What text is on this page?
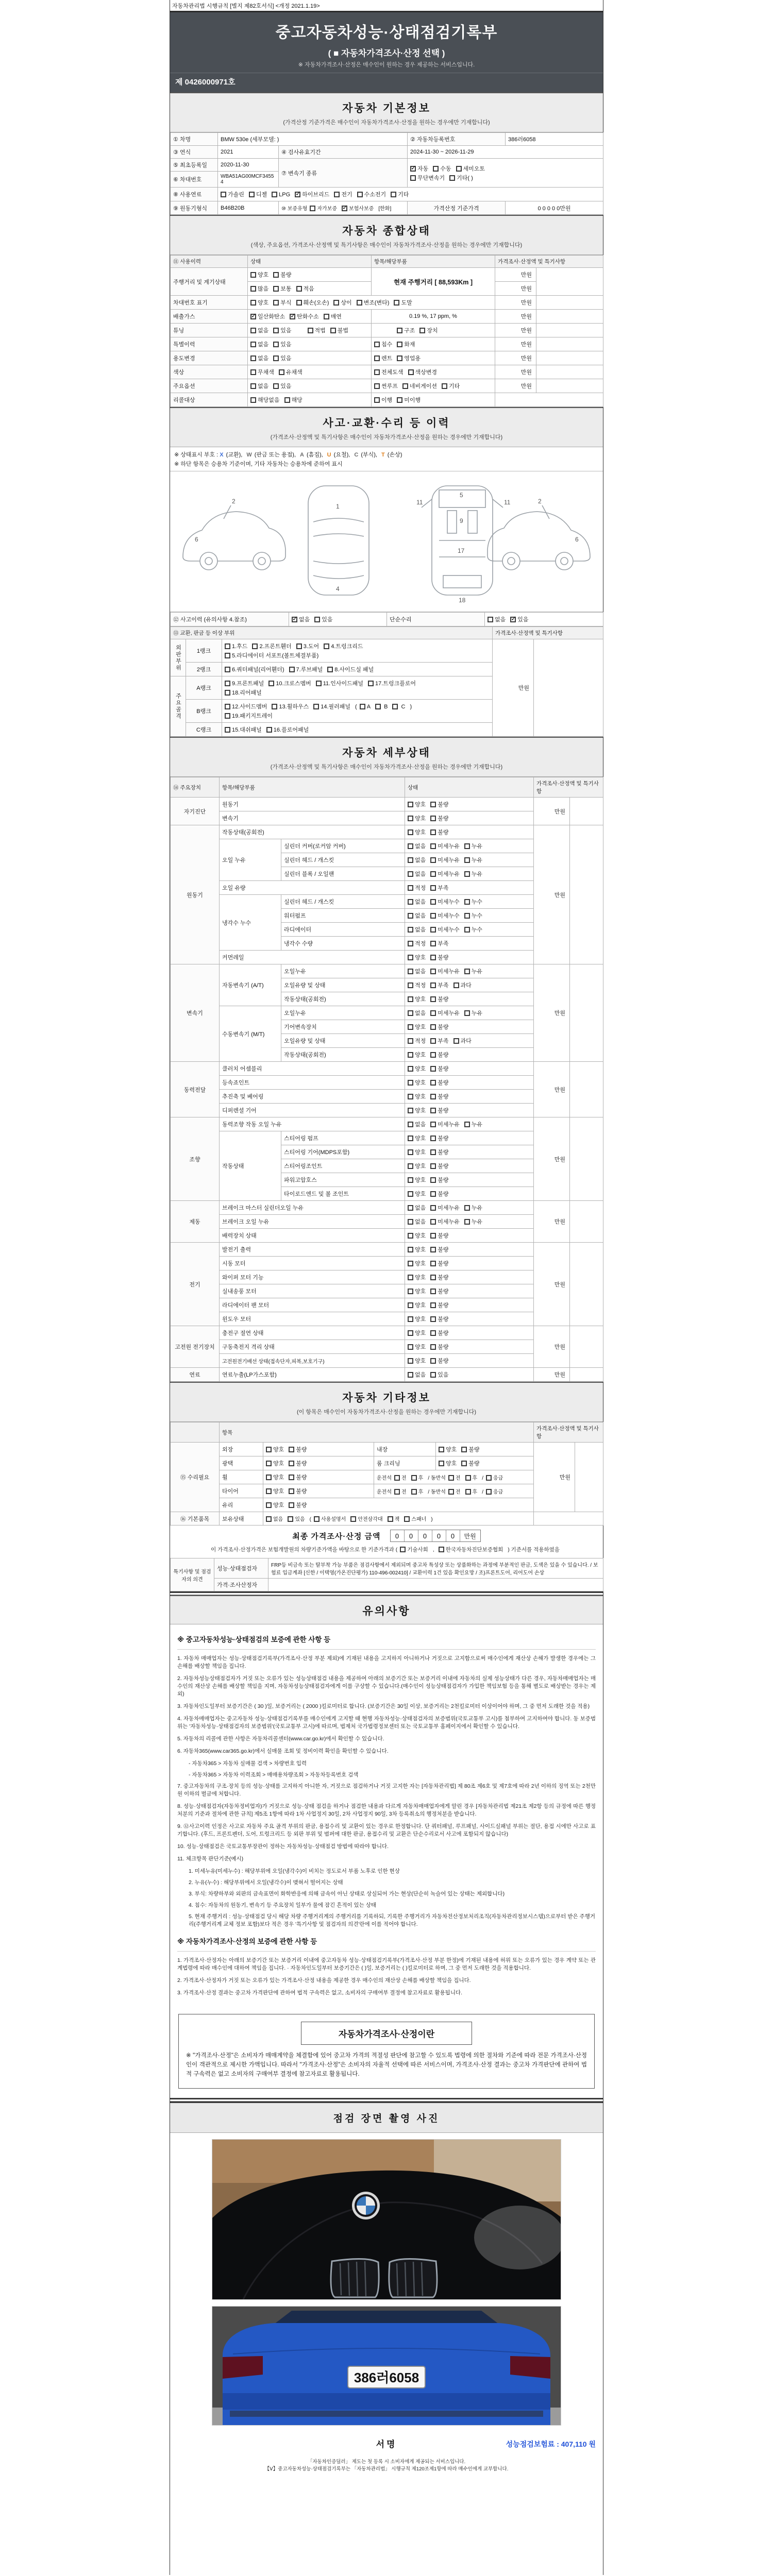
자동차관리법 시행규칙 [별지 제82호서식] <개정 2021.1.19>
중고자동차성능·상태점검기록부
( ■ 자동차가격조사·산정 선택 )
※ 자동차가격조사·산정은 매수인이 원하는 경우 제공하는 서비스입니다.
제 0426000971호
자동차 기본정보

(가격산정 기준가격은 매수인이 자동차가격조사·산정을 원하는 경우에만 기재합니다)

① 차명	BMW 530e (세부모델: )		② 자동차등록번호	386러6058
③ 연식	2021	④ 검사유효기간	2024-11-30 ~ 2026-11-29	
⑤ 최초등록일	2020-11-30	⑦ 변속기 종류	✓자동 수동 세미오토
무단변속기 기타( )
⑥ 차대번호	WBA51AG00MCF34554			
⑧ 사용연료	가솔린 디젤 LPG ✓ 하이브리드 전기 수소전기 기타
⑨ 원동기형식	B46B20B	⑩ 보증유형 자가보증 ✓ 보험사보증 [한화]	가격산정 기준가격	0 0 0 0 0만원
자동차 종합상태

(색상, 주요옵션, 가격조사·산정액 및 특기사항은 매수인이 자동차가격조사·산정을 원하는 경우에만 기재합니다)

⑪ 사용이력	상태	항목/해당부품	가격조사·산정액 및 특기사항	
주행거리 및 계기상태	양호 불량	현재 주행거리 [ 88,593Km ]	만원	
	많음 보통 적음		만원	
차대번호 표기	양호 부식 훼손(오손) 상이 변조(변타) 도말		만원	
배출가스	✓일산화탄소 ✓ 탄화수소 매연	0.19 %, 17 ppm, %	만원	
튜닝	없음 있음 적법 불법	구조 장치	만원	
특별이력	없음 있음	침수 화재	만원	
용도변경	없음 있음	렌트 영업용	만원	
색상	무채색 유채색	전체도색 색상변경	만원	
주요옵션	없음 있음	썬루프 네비게이션 기타	만원	
리콜대상	해당없음 해당	이행 미이행		
사고·교환·수리 등 이력

(가격조사·산정액 및 특기사항은 매수인이 자동차가격조사·산정을 원하는 경우에만 기재합니다)

※ 상태표시 부호 : X (교환), W (판금 또는 용접), A (흠집), U (요철), C (부식), T (손상)
※ 하단 항목은 승용차 기준이며, 기타 자동차는 승용차에 준하여 표시
2
6
1
4
5
9
11	11
17
18
2
6
⑫ 사고이력 (유의사항 4.참조)	✓없음 있음	단순수리	없음 ✓ 있음
⑬ 교환, 판금 등 이상 부위			가격조사·산정액 및 특기사항	
외판부위	1랭크	1.후드 2.프론트휀더 3.도어 4.트렁크리드
5.라디에이터 서포트(볼트체결부품)	만원	
	2랭크	6.쿼터패널(리어휀더) 7.루브패널 8.사이드실 패널		
주요골격	A랭크	9.프론트패널 10.크로스멤버 11.인사이드패널 17.트렁크플로어
18.리어패널		
	B랭크	12.사이드멤버 13.휠하우스 14.필러패널 ( A B C )
19.패키지트레이		
	C랭크	15.대쉬패널 16.플로어패널		
자동차 세부상태

(가격조사·산정액 및 특기사항은 매수인이 자동차가격조사·산정을 원하는 경우에만 기재합니다)

⑭ 주요장치	항목/해당부품		상태	가격조사·산정액 및 특기사항	
자기진단	원동기		양호 불량	만원	
	변속기		양호 불량		
원동기	작동상태(공회전)		양호 불량	만원	
	오일 누유	실린더 커버(로커암 커버)	없음 미세누유 누유		
		실린더 헤드 / 개스킷	없음 미세누유 누유		
		실린더 블록 / 오일팬	없음 미세누유 누유		
	오일 유량		적정 부족		
	냉각수 누수	실린더 헤드 / 개스킷	없음 미세누수 누수		
		워터펌프	없음 미세누수 누수		
		라디에이터	없음 미세누수 누수		
		냉각수 수량	적정 부족		
	커먼레일		양호 불량		
변속기	자동변속기 (A/T)	오일누유	없음 미세누유 누유	만원	
		오일유량 및 상태	적정 부족 과다		
		작동상태(공회전)	양호 불량		
	수동변속기 (M/T)	오일누유	없음 미세누유 누유		
		기어변속장치	양호 불량		
		오일유량 및 상태	적정 부족 과다		
		작동상태(공회전)	양호 불량		
동력전달	클러치 어셈블리		양호 불량	만원	
	등속죠인트		양호 불량		
	추진축 및 베어링		양호 불량		
	디퍼렌셜 기어		양호 불량		
조향	동력조향 작동 오일 누유		없음 미세누유 누유	만원	
	작동상태	스티어링 펌프	양호 불량		
		스티어링 기어(MDPS포함)	양호 불량		
		스티어링조인트	양호 불량		
		파워고압호스	양호 불량		
		타이로드엔드 및 볼 조인트	양호 불량		
제동	브레이크 마스터 실린더오일 누유		없음 미세누유 누유	만원	
	브레이크 오일 누유		없음 미세누유 누유		
	배력장치 상태		양호 불량		
전기	발전기 출력		양호 불량	만원	
	시동 모터		양호 불량		
	와이퍼 모터 기능		양호 불량		
	실내송풍 모터		양호 불량		
	라디에이터 팬 모터		양호 불량		
	윈도우 모터		양호 불량		
고전원 전기장치	충전구 절연 상태		양호 불량	만원	
	구동축전지 격리 상태		양호 불량		
	고전원전기배선 상태(접속단자,피복,보호기구)		양호 불량		
연료	연료누출(LP가스포함)		없음 있음	만원	
자동차 기타정보

(이 항목은 매수인이 자동차가격조사·산정을 원하는 경우에만 기재합니다)

	항목				가격조사·산정액 및 특기사항	
⑮ 수리필요	외장	양호 불량	내장	양호 불량	만원	
	광택	양호 불량	룸 크리닝	양호 불량		
	휠	양호 불량	운전석 전 후 / 동반석 전 후 / 응급			
	타이어	양호 불량	운전석 전 후 / 동반석 전 후 / 응급			
	유리	양호 불량				
⑯ 기본품목	보유상태	없음 있음 ( 사용설명서 안전삼각대 잭 스패너 )				
최종 가격조사·산정 금액	0	0	0	0	0	만원
이 가격조사·산정가격은 보험개발원의 차량기준가액을 바탕으로 한 기준가격과 ( 기술사회 , 한국자동차진단보증협회 ) 기준서를 적용하였음
특기사항 및 점검자의 의견	성능·상태점검자	FRP등 비금속 또는 탈부착 가능 부품은 점검사항에서 제외되며 중고차 특성상 또는 상품화하는 과정에 부분적인 판금, 도색은 있을 수 있습니다. / 보험료 입금계좌 [신한 / 이택영(가온진단평가) 110-496-002410] / 교환이력 1건 있음 확인요망 / 조)프론트도어, 리어도어 손상
	가격·조사산정자	
유의사항
※ 중고자동차성능·상태점검의 보증에 관한 사항 등
1. 자동차 매매업자는 성능·상태점검기록부(가격조사·산정 부분 제외)에 기재된 내용을 고지하지 아니하거나 거짓으로 고지함으로써 매수인에게 재산상 손해가 발생한 경우에는 그 손해를 배상할 책임을 집니다.
2. 자동차성능상태점검자가 거짓 또는 오류가 있는 성능상태점검 내용을 제공하여 아래의 보증기간 또는 보증거리 이내에 자동차의 실제 성능상태가 다른 경우, 자동차매매업자는 매수인의 재산상 손해를 배상할 책임을 지며, 자동차성능상태점검자에게 이를 구상할 수 있습니다.(매수인이 성능상태점검자가 가입한 책임보험 등을 통해 별도로 배상받는 경우는 제외)
3. 자동차인도일부터 보증기간은 ( 30 )일, 보증거리는 ( 2000 )킬로미터로 합니다. (보증기간은 30일 이상, 보증거리는 2천킬로미터 이상이어야 하며, 그 중 먼저 도래한 것을 적용)
4. 자동차매매업자는 중고자동차 성능·상태점검기록부를 매수인에게 고지할 때 현행 자동차성능·상태점검자의 보증범위(국토교통부 고시)를 첨부하여 고지하여야 합니다. 동 보증범위는 '자동차성능·상태점검자의 보증범위'(국토교통부 고시)에 따르며, 법제처 국가법령정보센터 또는 국토교통부 홈페이지에서 확인할 수 있습니다.
5. 자동차의 리콜에 관한 사항은 자동차리콜센터(www.car.go.kr)에서 확인할 수 있습니다.
6. 자동차365(www.car365.go.kr)에서 실매물 조회 및 정비이력 확인을 확인할 수 있습니다.
- 자동차365 > 자동차 실매물 검색 > 차량번호 입력
- 자동차365 > 자동차 이력조회 > 매매용차량조회 > 자동차등록번호 검색
7. 중고자동차의 구조·장치 등의 성능·상태를 고지하지 아니한 자, 거짓으로 점검하거나 거짓 고지한 자는 [자동차관리법] 제 80조 제6호 및 제7호에 따라 2년 이하의 징역 또는 2천만원 이하의 벌금에 처합니다.
8. 성능·상태점검자(자동차정비업자)가 거짓으로 성능·상태 점검을 하거나 점검한 내용과 다르게 자동차매매업자에게 알린 경우 [자동차관리법 제21조 제2항 등의 규정에 따른 행정처분의 기준과 절차에 관한 규칙] 제5조 1항에 따라 1차 사업정지 30일, 2차 사업정지 90일, 3차 등록취소의 행정처분을 받습니다.
9. ⑫사고이력 인정은 사고로 자동차 주요 골격 부위의 판금, 용접수리 및 교환이 있는 경우로 한정합니다. 단 쿼터패널, 루프패널, 사이드실패널 부위는 절단, 용접 시에만 사고로 표기합니다. (후드, 프론트펜더, 도어, 트렁크리드 등 외판 부위 및 범퍼에 대한 판금, 용접수리 및 교환은 단순수리로서 사고에 포함되지 않습니다)
10. 성능·상태점검은 국토교통부장관이 정하는 자동차성능·상태점검 방법에 따라야 합니다.
11. 체크항목 판단기준(예시)
1. 미세누유(미세누수) : 해당부위에 오일(냉각수)이 비치는 정도로서 부품 노후로 인한 현상
2. 누유(누수) : 해당부위에서 오일(냉각수)이 맺혀서 떨어지는 상태
3. 부식: 차량하부와 외판의 금속표면이 화학반응에 의해 금속이 아닌 상태로 상실되어 가는 현상(단순히 녹슬어 있는 상태는 제외합니다)
4. 침수: 자동차의 원동기, 변속기 등 주요장치 일부가 물에 잠긴 흔적이 있는 상태
5. 현재 주행거리 : 성능·상태점검 당시 해당 차량 주행거리계의 주행거리를 기록하되, 기록한 주행거리가 자동차전산정보처리조직(자동차관리정보시스템)으로부터 받은 주행거리(주행거리계 교체 정보 포함)보다 적은 경우 '특기사항 및 점검자의 의견'란에 이를 적어야 합니다.
※ 자동차가격조사·산정의 보증에 관한 사항 등
1. 가격조사·산정자는 아래의 보증기간 또는 보증거리 이내에 중고자동차 성능·상태점검기록부(가격조사·산정 부분 한정)에 기재된 내용에 허위 또는 오류가 있는 경우 계약 또는 관계법령에 따라 매수인에 대하여 책임을 집니다. · 자동차인도일부터 보증기간은 ( )일, 보증거리는 ( )킬로미터로 하며, 그 중 먼저 도래한 것을 적용합니다.
2. 가격조사·산정자가 거짓 또는 오류가 있는 가격조사·산정 내용을 제공한 경우 매수인의 재산상 손해를 배상할 책임을 집니다.
3. 가격조사·산정 결과는 중고차 가격판단에 관하여 법적 구속력은 없고, 소비자의 구매여부 결정에 참고자료로 활용됩니다.
자동차가격조사·산정이란
※ "가격조사·산정"은 소비자가 매매계약을 체결함에 있어 중고차 가격의 적절성 판단에 참고할 수 있도록 법령에 의한 절차와 기준에 따라 전문 가격조사·산정인이 객관적으로 제시한 가액입니다. 따라서 "가격조사·산정"은 소비자의 자율적 선택에 따른 서비스이며, 가격조사·산정 결과는 중고차 가격판단에 관하여 법적 구속력은 없고 소비자의 구매여부 결정에 참고자료로 활용됩니다.
점검 장면 촬영 사진
386러6058
서명	성능점검보험료 : 407,110 원
「자동차인증딜러」 제도는 첫 등록 시 소비자에게 제공되는 서비스입니다.
【Ⅴ】중고자동차성능·상태점검기록부는 「자동차관리법」 시행규칙 제120조제1항에 따라 매수인에게 교부합니다.
